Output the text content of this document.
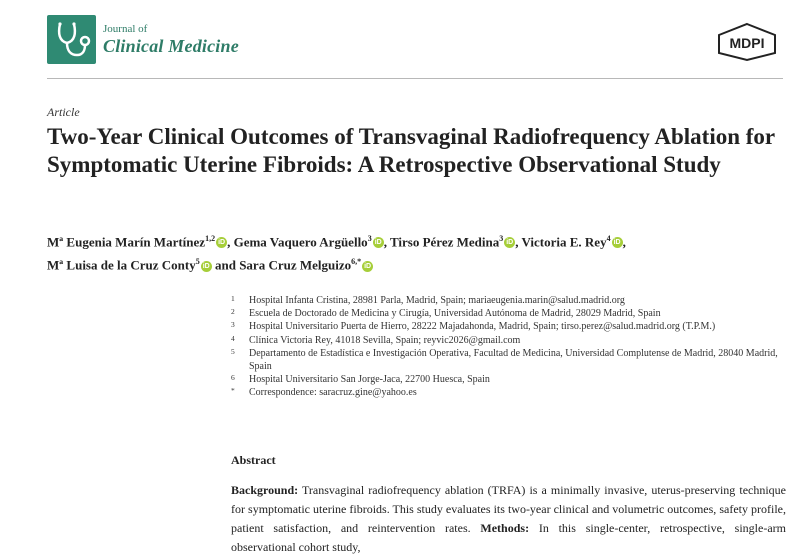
Journal of
Clinical Medicine	MDPI
Article
Two-Year Clinical Outcomes of Transvaginal Radiofrequency Ablation for Symptomatic Uterine Fibroids: A Retrospective Observational Study
Mª Eugenia Marín Martínez$^{1,2}$ iD , Gema Vaquero Argüello$^3$ iD , Tirso Pérez Medina$^3$ iD , Victoria E. Rey$^4$ iD ,
Mª Luisa de la Cruz Conty$^5$ iD and Sara Cruz Melguizo$^{6,*}$ iD
1 Hospital Infanta Cristina, 28981 Parla, Madrid, Spain; mariaeugenia.marin@salud.madrid.org
2 Escuela de Doctorado de Medicina y Cirugía, Universidad Autónoma de Madrid, 28029 Madrid, Spain
3 Hospital Universitario Puerta de Hierro, 28222 Majadahonda, Madrid, Spain; tirso.perez@salud.madrid.org (T.P.M.)
4 Clínica Victoria Rey, 41018 Sevilla, Spain; reyvic2026@gmail.com
5 Departamento de Estadística e Investigación Operativa, Facultad de Medicina, Universidad Complutense de Madrid, 28040 Madrid, Spain
6 Hospital Universitario San Jorge-Jaca, 22700 Huesca, Spain
* Correspondence: saracruz.gine@yahoo.es
Abstract
Background: Transvaginal radiofrequency ablation (TRFA) is a minimally invasive, uterus-preserving technique for symptomatic uterine fibroids. This study evaluates its two-year clinical and volumetric outcomes, safety profile, patient satisfaction, and reintervention rates. Methods: In this single-center, retrospective, single-arm observational cohort study,
